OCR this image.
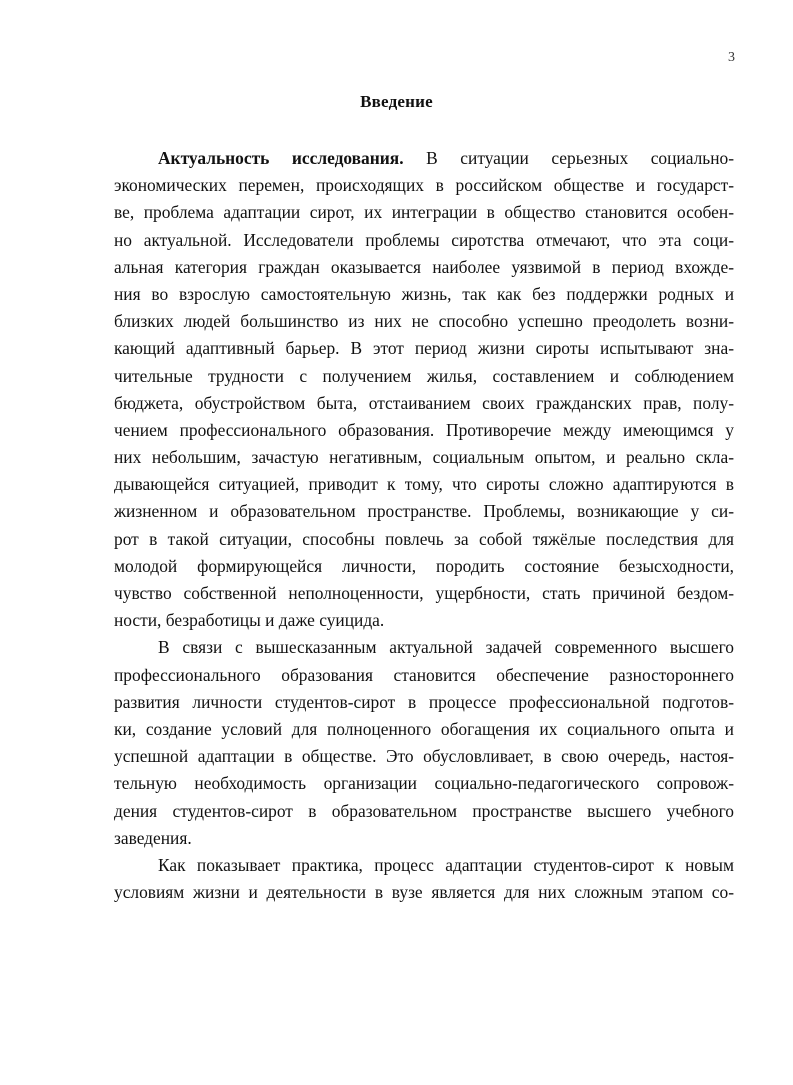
3
Введение
Актуальность исследования. В ситуации серьезных социально-
экономических перемен, происходящих в российском обществе и государст-
ве, проблема адаптации сирот, их интеграции в общество становится особен-
но актуальной. Исследователи проблемы сиротства отмечают, что эта соци-
альная категория граждан оказывается наиболее уязвимой в период вхожде-
ния во взрослую самостоятельную жизнь, так как без поддержки родных и
близких людей большинство из них не способно успешно преодолеть возни-
кающий адаптивный барьер. В этот период жизни сироты испытывают зна-
чительные трудности с получением жилья, составлением и соблюдением
бюджета, обустройством быта, отстаиванием своих гражданских прав, полу-
чением профессионального образования. Противоречие между имеющимся у
них небольшим, зачастую негативным, социальным опытом, и реально скла-
дывающейся ситуацией, приводит к тому, что сироты сложно адаптируются в
жизненном и образовательном пространстве. Проблемы, возникающие у си-
рот в такой ситуации, способны повлечь за собой тяжёлые последствия для
молодой формирующейся личности, породить состояние безысходности,
чувство собственной неполноценности, ущербности, стать причиной бездом-
ности, безработицы и даже суицида.
В связи с вышесказанным актуальной задачей современного высшего
профессионального образования становится обеспечение разностороннего
развития личности студентов-сирот в процессе профессиональной подготов-
ки, создание условий для полноценного обогащения их социального опыта и
успешной адаптации в обществе. Это обусловливает, в свою очередь, настоя-
тельную необходимость организации социально-педагогического сопровож-
дения студентов-сирот в образовательном пространстве высшего учебного
заведения.
Как показывает практика, процесс адаптации студентов-сирот к новым
условиям жизни и деятельности в вузе является для них сложным этапом со-
